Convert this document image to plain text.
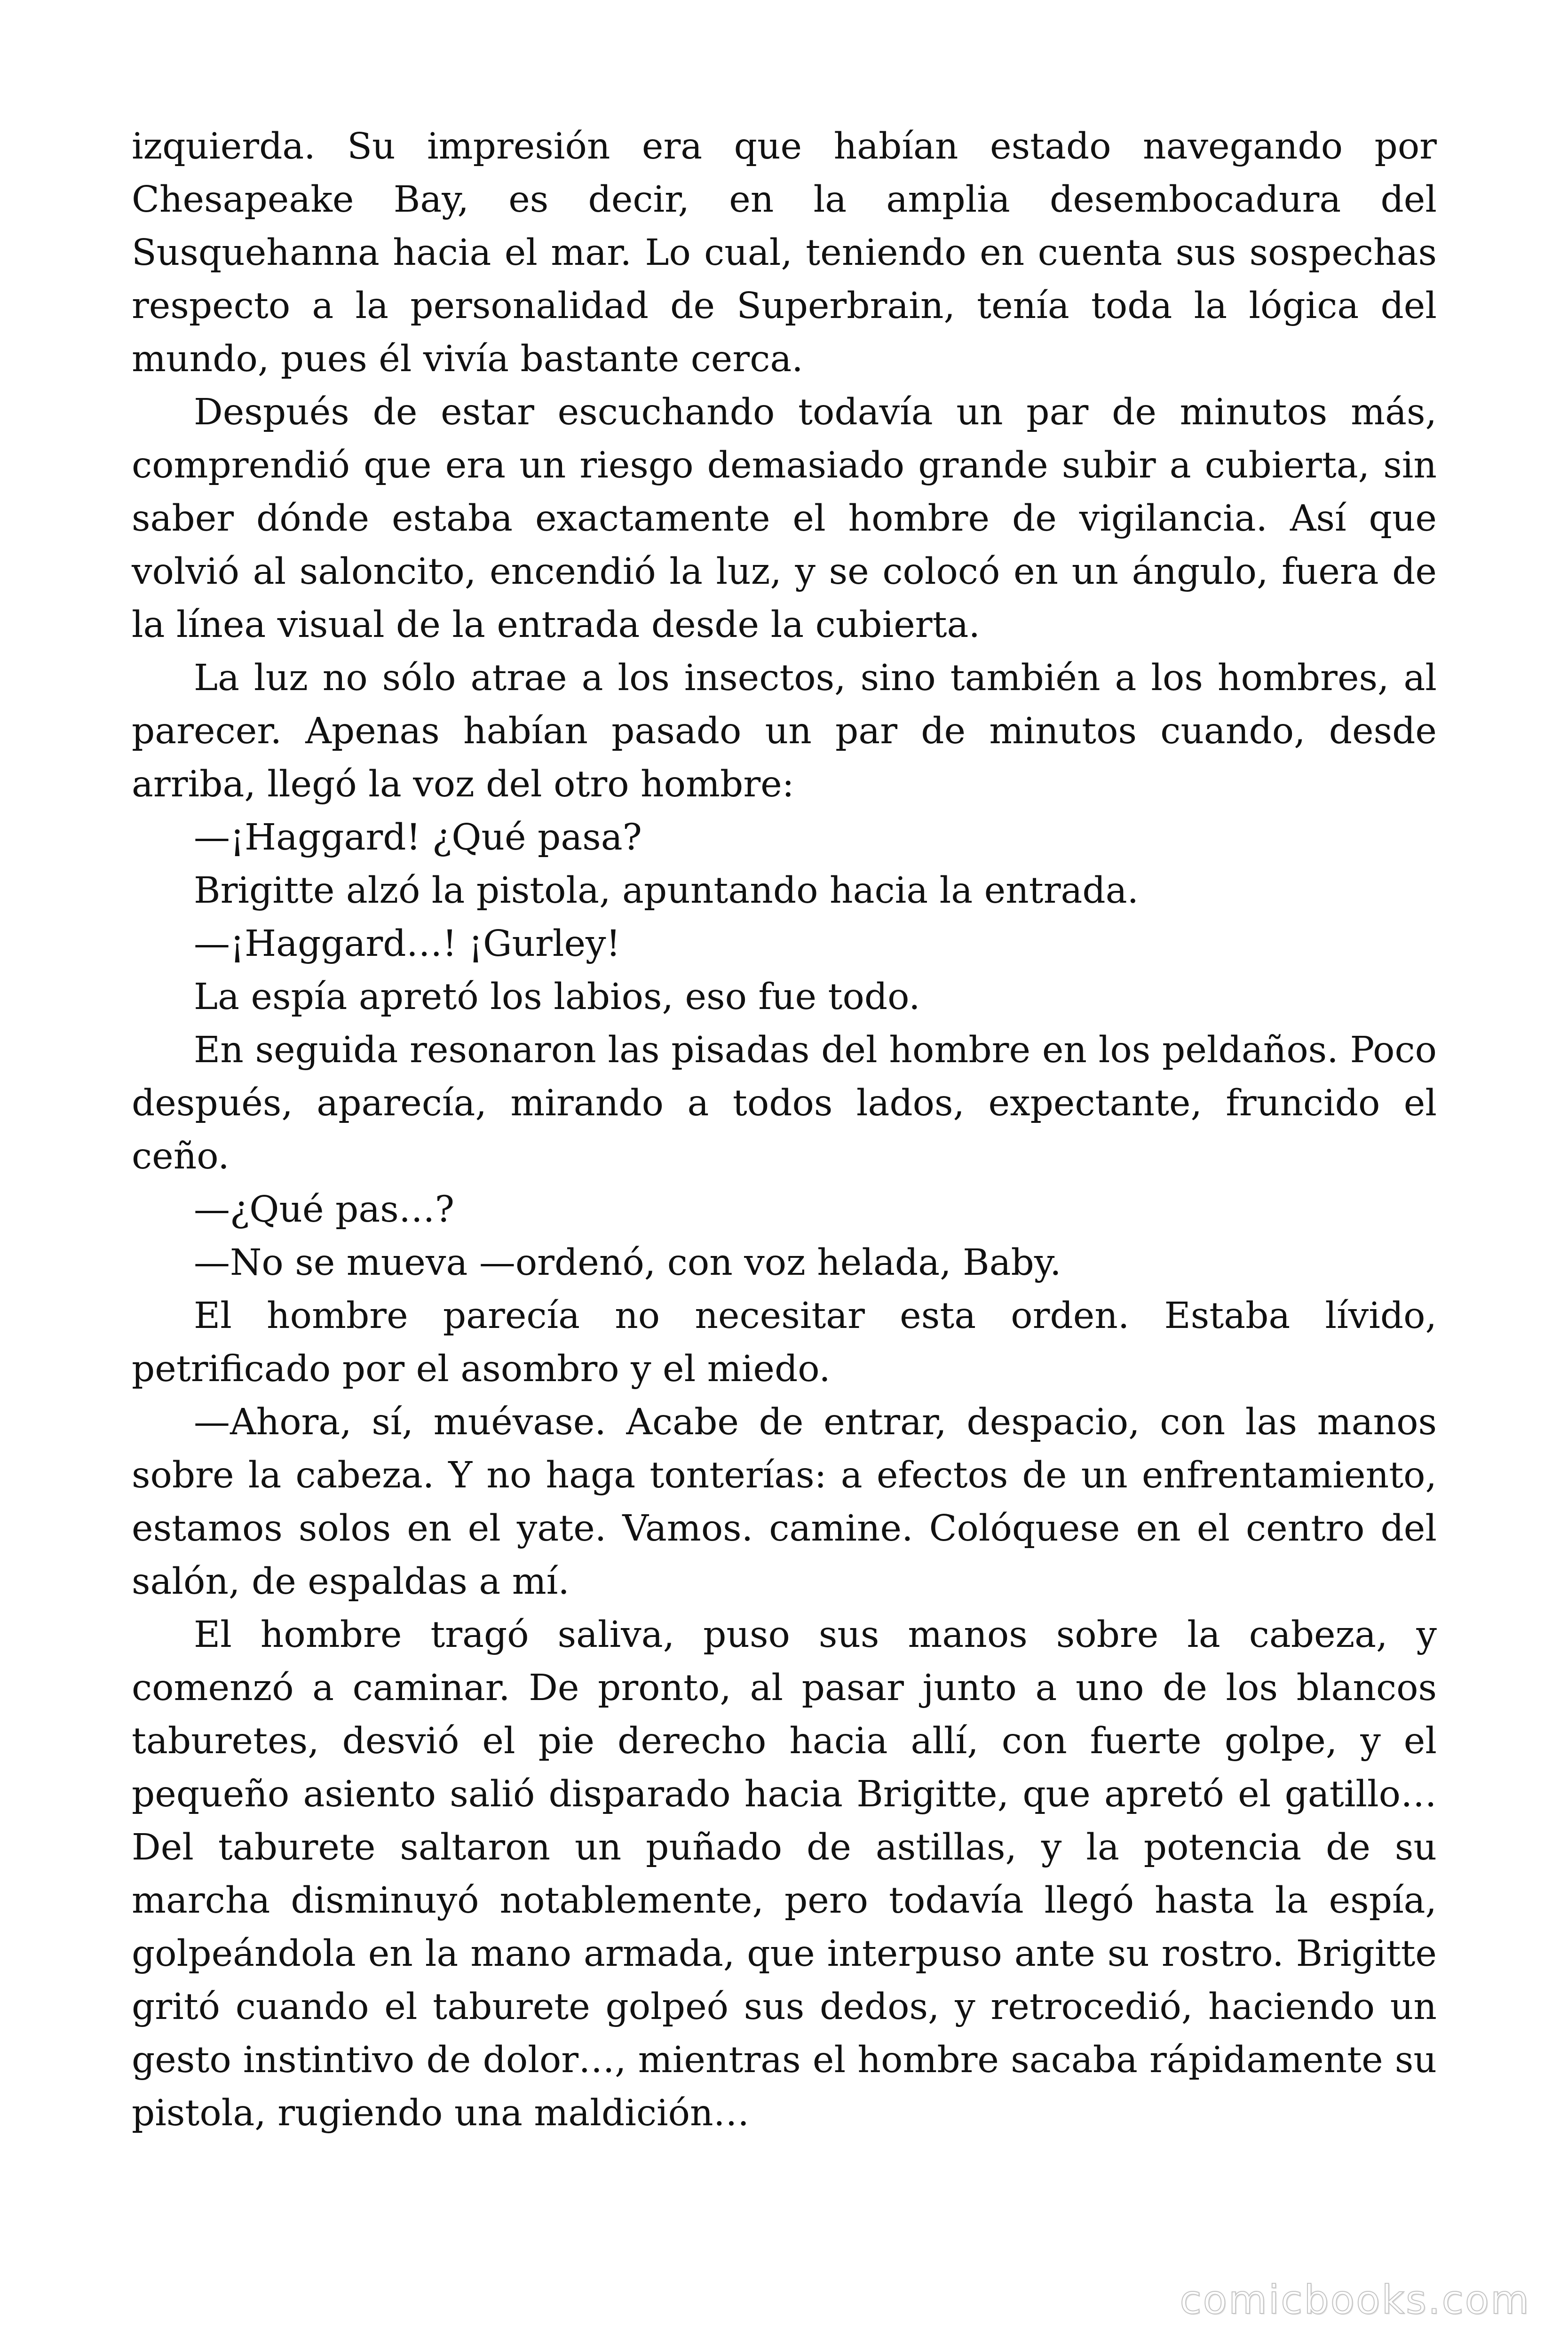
izquierda. Su impresión era que habían estado navegando por Chesapeake Bay, es decir, en la amplia desembocadura del Susquehanna hacia el mar. Lo cual, teniendo en cuenta sus sospechas respecto a la personalidad de Superbrain, tenía toda la lógica del mundo, pues él vivía bastante cerca.

Después de estar escuchando todavía un par de minutos más, comprendió que era un riesgo demasiado grande subir a cubierta, sin saber dónde estaba exactamente el hombre de vigilancia. Así que volvió al saloncito, encendió la luz, y se colocó en un ángulo, fuera de la línea visual de la entrada desde la cubierta.

La luz no sólo atrae a los insectos, sino también a los hombres, al parecer. Apenas habían pasado un par de minutos cuando, desde arriba, llegó la voz del otro hombre:

—¡Haggard! ¿Qué pasa?

Brigitte alzó la pistola, apuntando hacia la entrada.

—¡Haggard…! ¡Gurley!

La espía apretó los labios, eso fue todo.

En seguida resonaron las pisadas del hombre en los peldaños. Poco después, aparecía, mirando a todos lados, expectante, fruncido el ceño.

—¿Qué pas…?

—No se mueva —ordenó, con voz helada, Baby.

El hombre parecía no necesitar esta orden. Estaba lívido, petrificado por el asombro y el miedo.

—Ahora, sí, muévase. Acabe de entrar, despacio, con las manos sobre la cabeza. Y no haga tonterías: a efectos de un enfrentamiento, estamos solos en el yate. Vamos. camine. Colóquese en el centro del salón, de espaldas a mí.

El hombre tragó saliva, puso sus manos sobre la cabeza, y comenzó a caminar. De pronto, al pasar junto a uno de los blancos taburetes, desvió el pie derecho hacia allí, con fuerte golpe, y el pequeño asiento salió disparado hacia Brigitte, que apretó el gatillo… Del taburete saltaron un puñado de astillas, y la potencia de su marcha disminuyó notablemente, pero todavía llegó hasta la espía, golpeándola en la mano armada, que interpuso ante su rostro. Brigitte gritó cuando el taburete golpeó sus dedos, y retrocedió, haciendo un gesto instintivo de dolor…, mientras el hombre sacaba rápidamente su pistola, rugiendo una maldición…

comicbooks.com
